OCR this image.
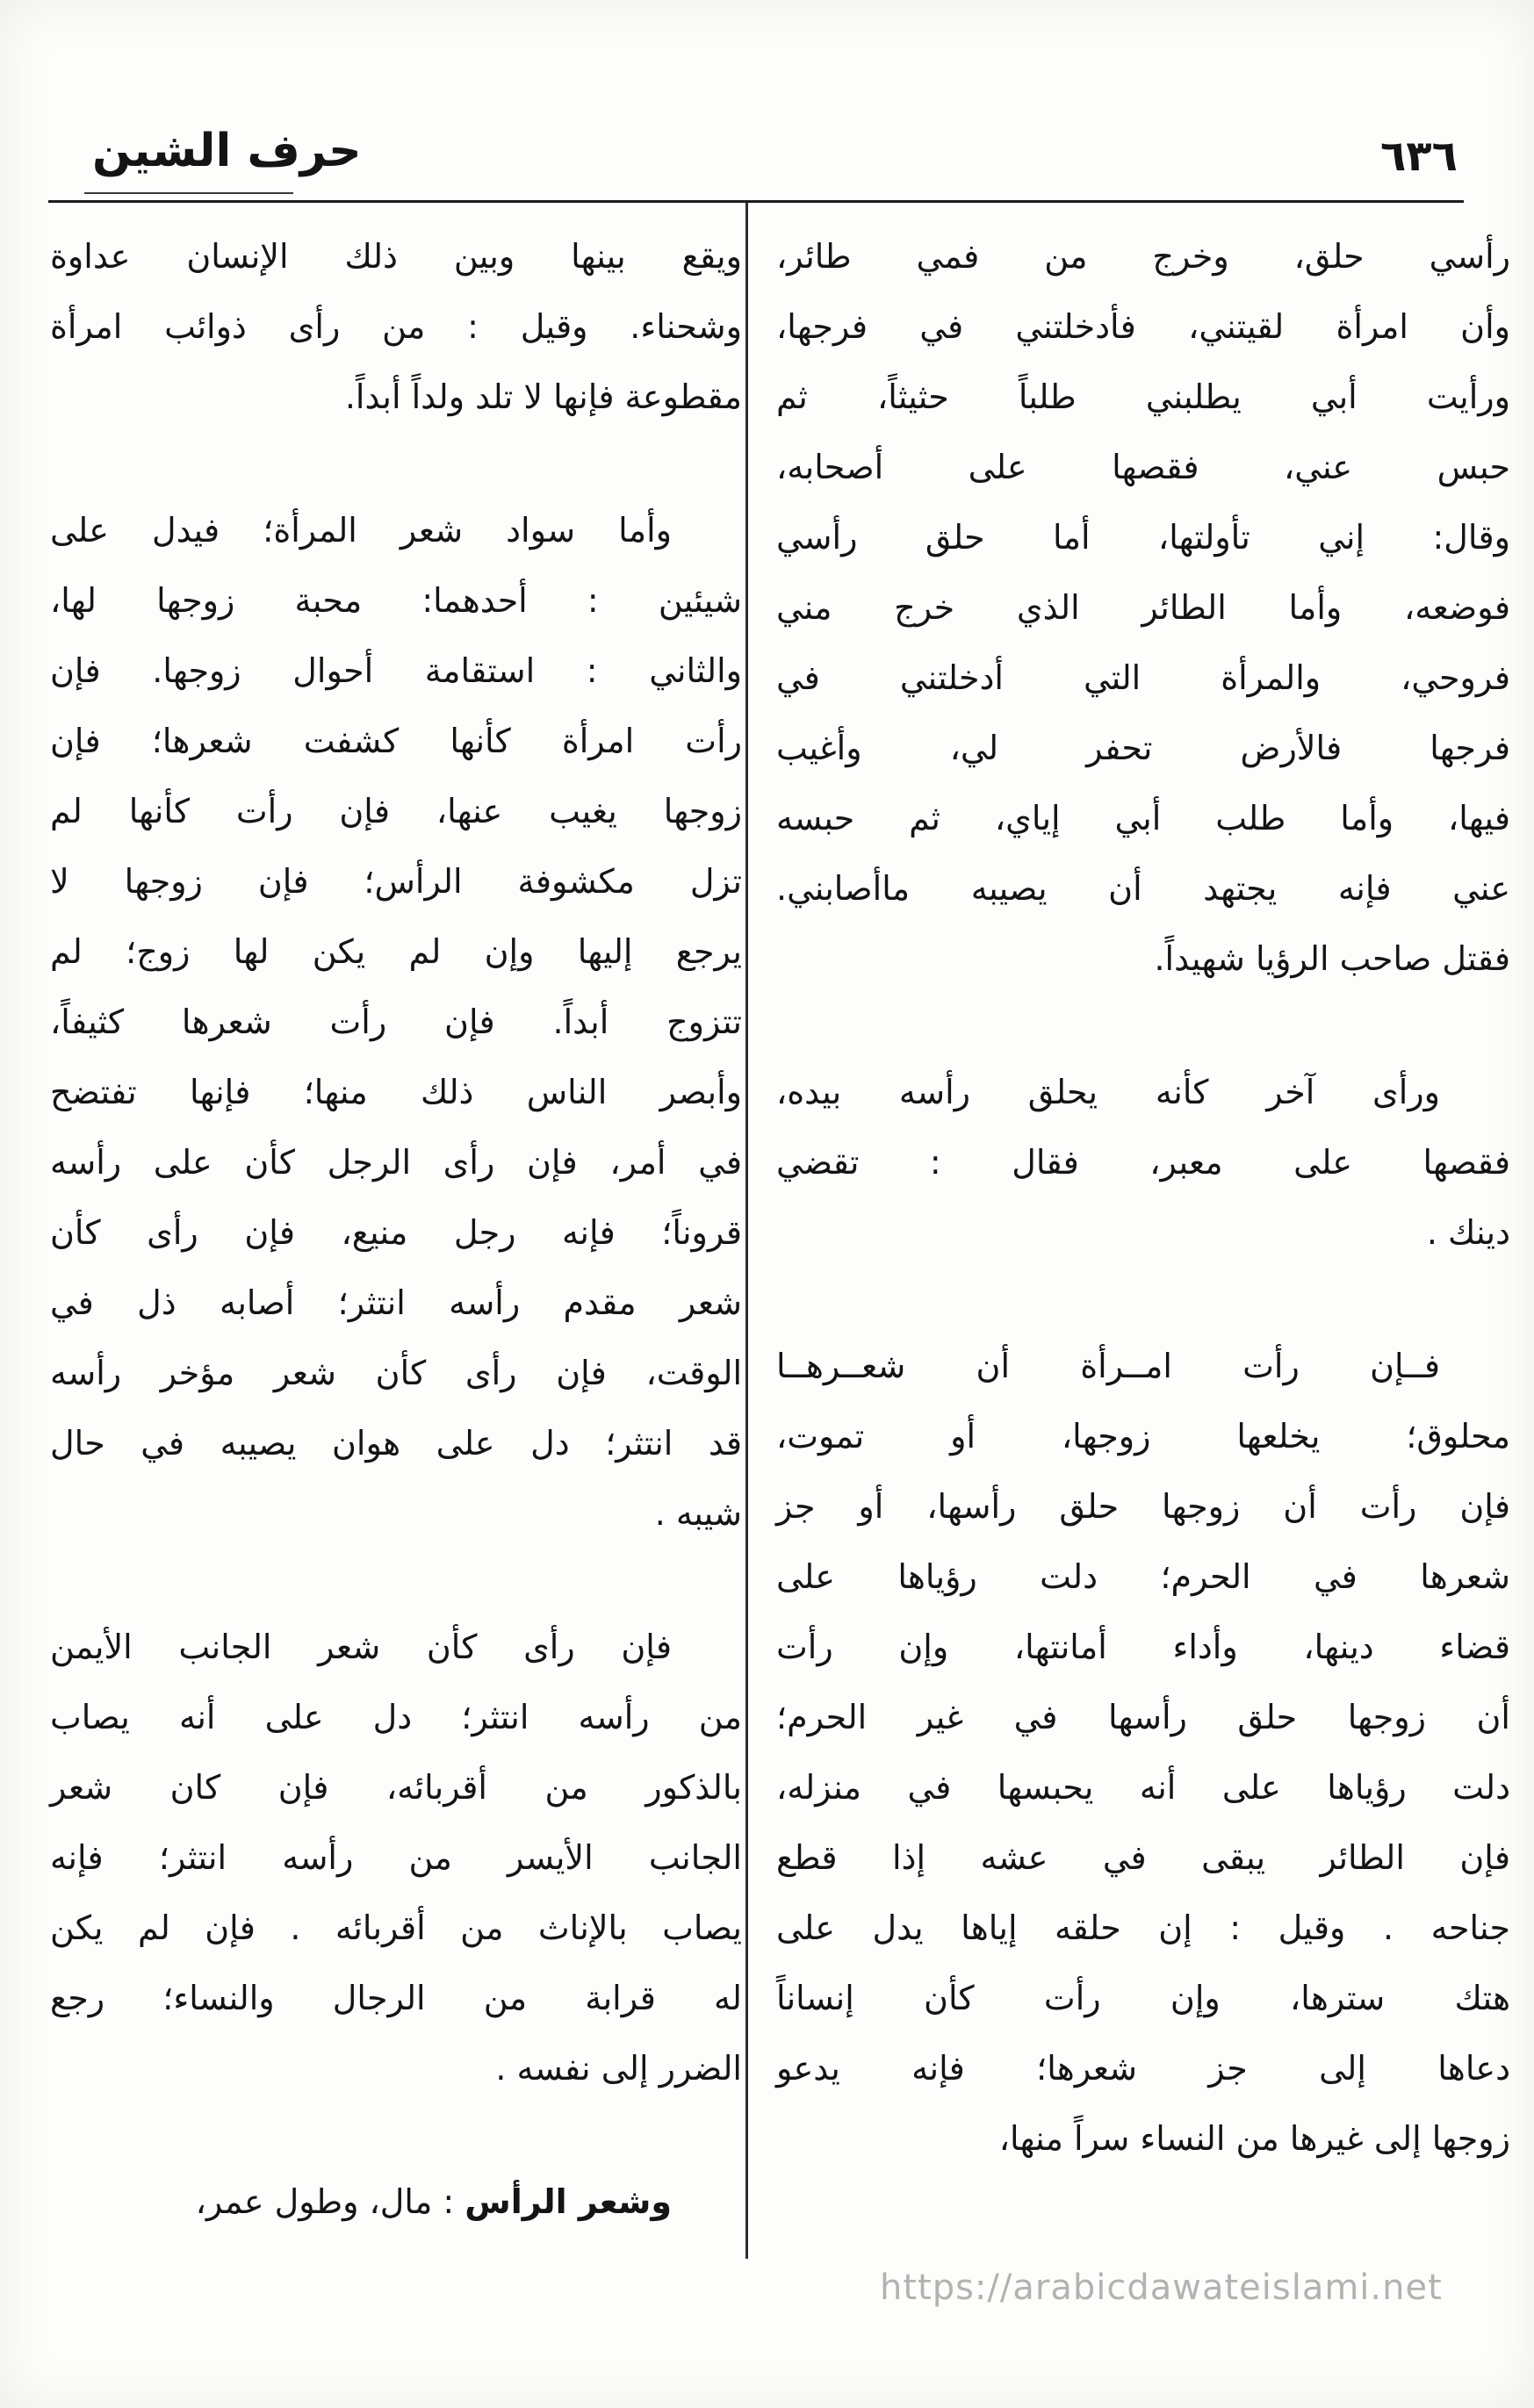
حرف الشين	٦٣٦
رأسي حلق، وخرج من فمي طائر،
وأن امرأة لقيتني، فأدخلتني في فرجها،
ورأيت أبي يطلبني طلباً حثيثاً، ثم
حبس عني، فقصها على أصحابه،
وقال: إني تأولتها، أما حلق رأسي
فوضعه، وأما الطائر الذي خرج مني
فروحي، والمرأة التي أدخلتني في
فرجها فالأرض تحفر لي، وأغيب
فيها، وأما طلب أبي إياي، ثم حبسه
عني فإنه يجتهد أن يصيبه ماأصابني.
فقتل صاحب الرؤيا شهيداً.
ورأى آخر كأنه يحلق رأسه بيده،
فقصها على معبر، فقال : تقضي
دينك .
فــإن رأت امــرأة أن شعــرهــا
محلوق؛ يخلعها زوجها، أو تموت،
فإن رأت أن زوجها حلق رأسها، أو جز
شعرها في الحرم؛ دلت رؤياها على
قضاء دينها، وأداء أمانتها، وإن رأت
أن زوجها حلق رأسها في غير الحرم؛
دلت رؤياها على أنه يحبسها في منزله،
فإن الطائر يبقى في عشه إذا قطع
جناحه . وقيل : إن حلقه إياها يدل على
هتك سترها، وإن رأت كأن إنساناً
دعاها إلى جز شعرها؛ فإنه يدعو
زوجها إلى غيرها من النساء سراً منها،
ويقع بينها وبين ذلك الإنسان عداوة
وشحناء. وقيل : من رأى ذوائب امرأة
مقطوعة فإنها لا تلد ولداً أبداً.
وأما سواد شعر المرأة؛ فيدل على
شيئين : أحدهما: محبة زوجها لها،
والثاني : استقامة أحوال زوجها. فإن
رأت امرأة كأنها كشفت شعرها؛ فإن
زوجها يغيب عنها، فإن رأت كأنها لم
تزل مكشوفة الرأس؛ فإن زوجها لا
يرجع إليها وإن لم يكن لها زوج؛ لم
تتزوج أبداً. فإن رأت شعرها كثيفاً،
وأبصر الناس ذلك منها؛ فإنها تفتضح
في أمر، فإن رأى الرجل كأن على رأسه
قروناً؛ فإنه رجل منيع، فإن رأى كأن
شعر مقدم رأسه انتثر؛ أصابه ذل في
الوقت، فإن رأى كأن شعر مؤخر رأسه
قد انتثر؛ دل على هوان يصيبه في حال
شيبه .
فإن رأى كأن شعر الجانب الأيمن
من رأسه انتثر؛ دل على أنه يصاب
بالذكور من أقربائه، فإن كان شعر
الجانب الأيسر من رأسه انتثر؛ فإنه
يصاب بالإناث من أقربائه . فإن لم يكن
له قرابة من الرجال والنساء؛ رجع
الضرر إلى نفسه .
وشعر الرأس : مال، وطول عمر،
https://arabicdawateislami.net
